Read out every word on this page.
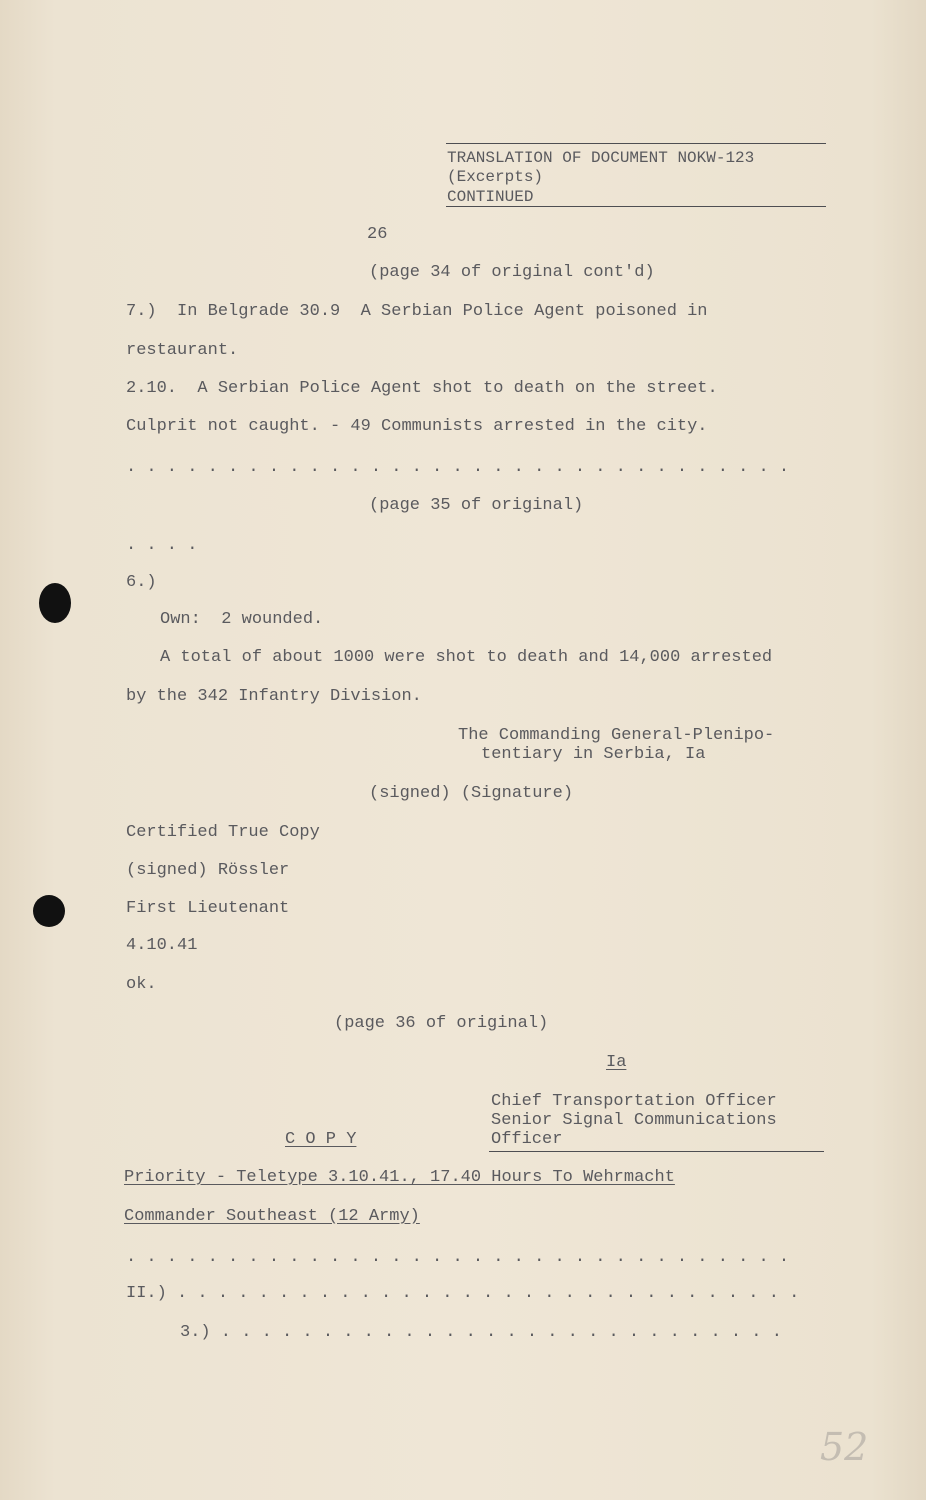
TRANSLATION OF DOCUMENT NOKW-123
(Excerpts)
CONTINUED
26
(page 34 of original cont'd)
7.)  In Belgrade 30.9  A Serbian Police Agent poisoned in
restaurant.
2.10.  A Serbian Police Agent shot to death on the street.
Culprit not caught. - 49 Communists arrested in the city.
. . . . . . . . . . . . . . . . . . . . . . . . . . . . . . . . .
(page 35 of original)
. . . .
6.)
Own:  2 wounded.
A total of about 1000 were shot to death and 14,000 arrested
by the 342 Infantry Division.
The Commanding General-Plenipo-
tentiary in Serbia, Ia
(signed) (Signature)
Certified True Copy
(signed) Rössler
First Lieutenant
4.10.41
ok.
(page 36 of original)
Ia
Chief Transportation Officer
Senior Signal Communications
Officer
C O P Y
Priority - Teletype 3.10.41., 17.40 Hours To Wehrmacht
Commander Southeast (12 Army)
. . . . . . . . . . . . . . . . . . . . . . . . . . . . . . . . .
II.) . . . . . . . . . . . . . . . . . . . . . . . . . . . . . . .
3.) . . . . . . . . . . . . . . . . . . . . . . . . . . . .
52
